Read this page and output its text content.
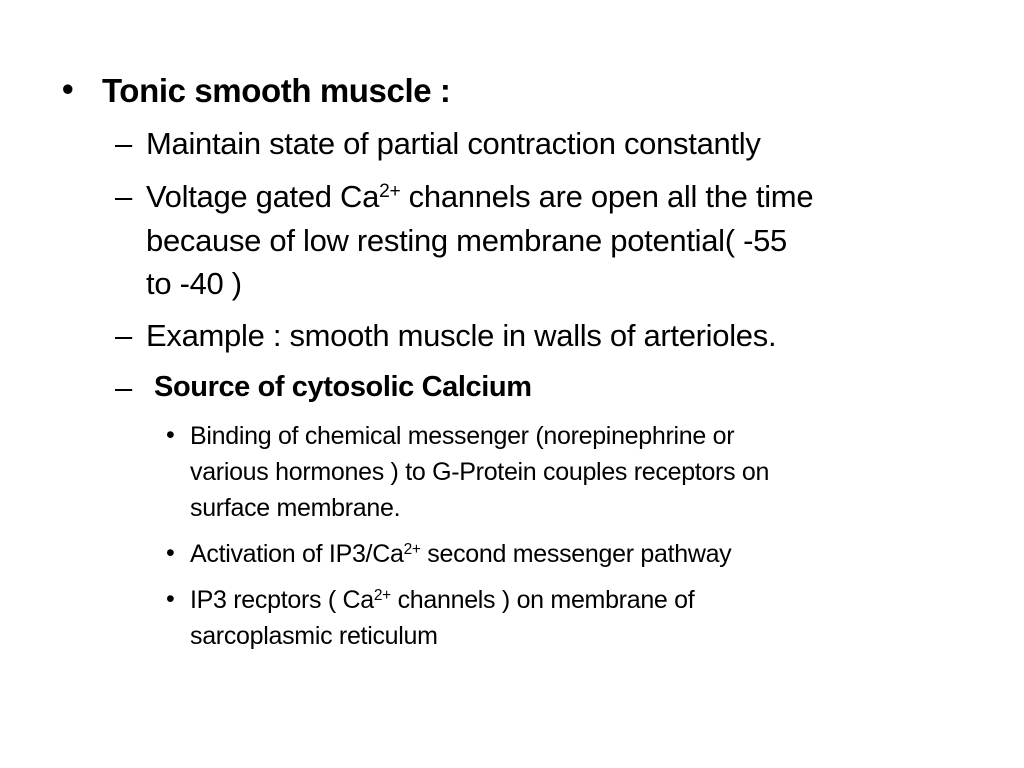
• Tonic smooth muscle :
– Maintain state of partial contraction constantly
– Voltage gated $Ca^{2+}$ channels are open all the time
because of low resting membrane potential( -55
to -40 )
– Example : smooth muscle in walls of arterioles.
– Source of cytosolic Calcium
• Binding of chemical messenger (norepinephrine or
various hormones ) to G-Protein couples receptors on
surface membrane.
• Activation of $IP3/Ca^{2+}$ second messenger pathway
• IP3 recptors ( $Ca^{2+}$ channels ) on membrane of
sarcoplasmic reticulum
